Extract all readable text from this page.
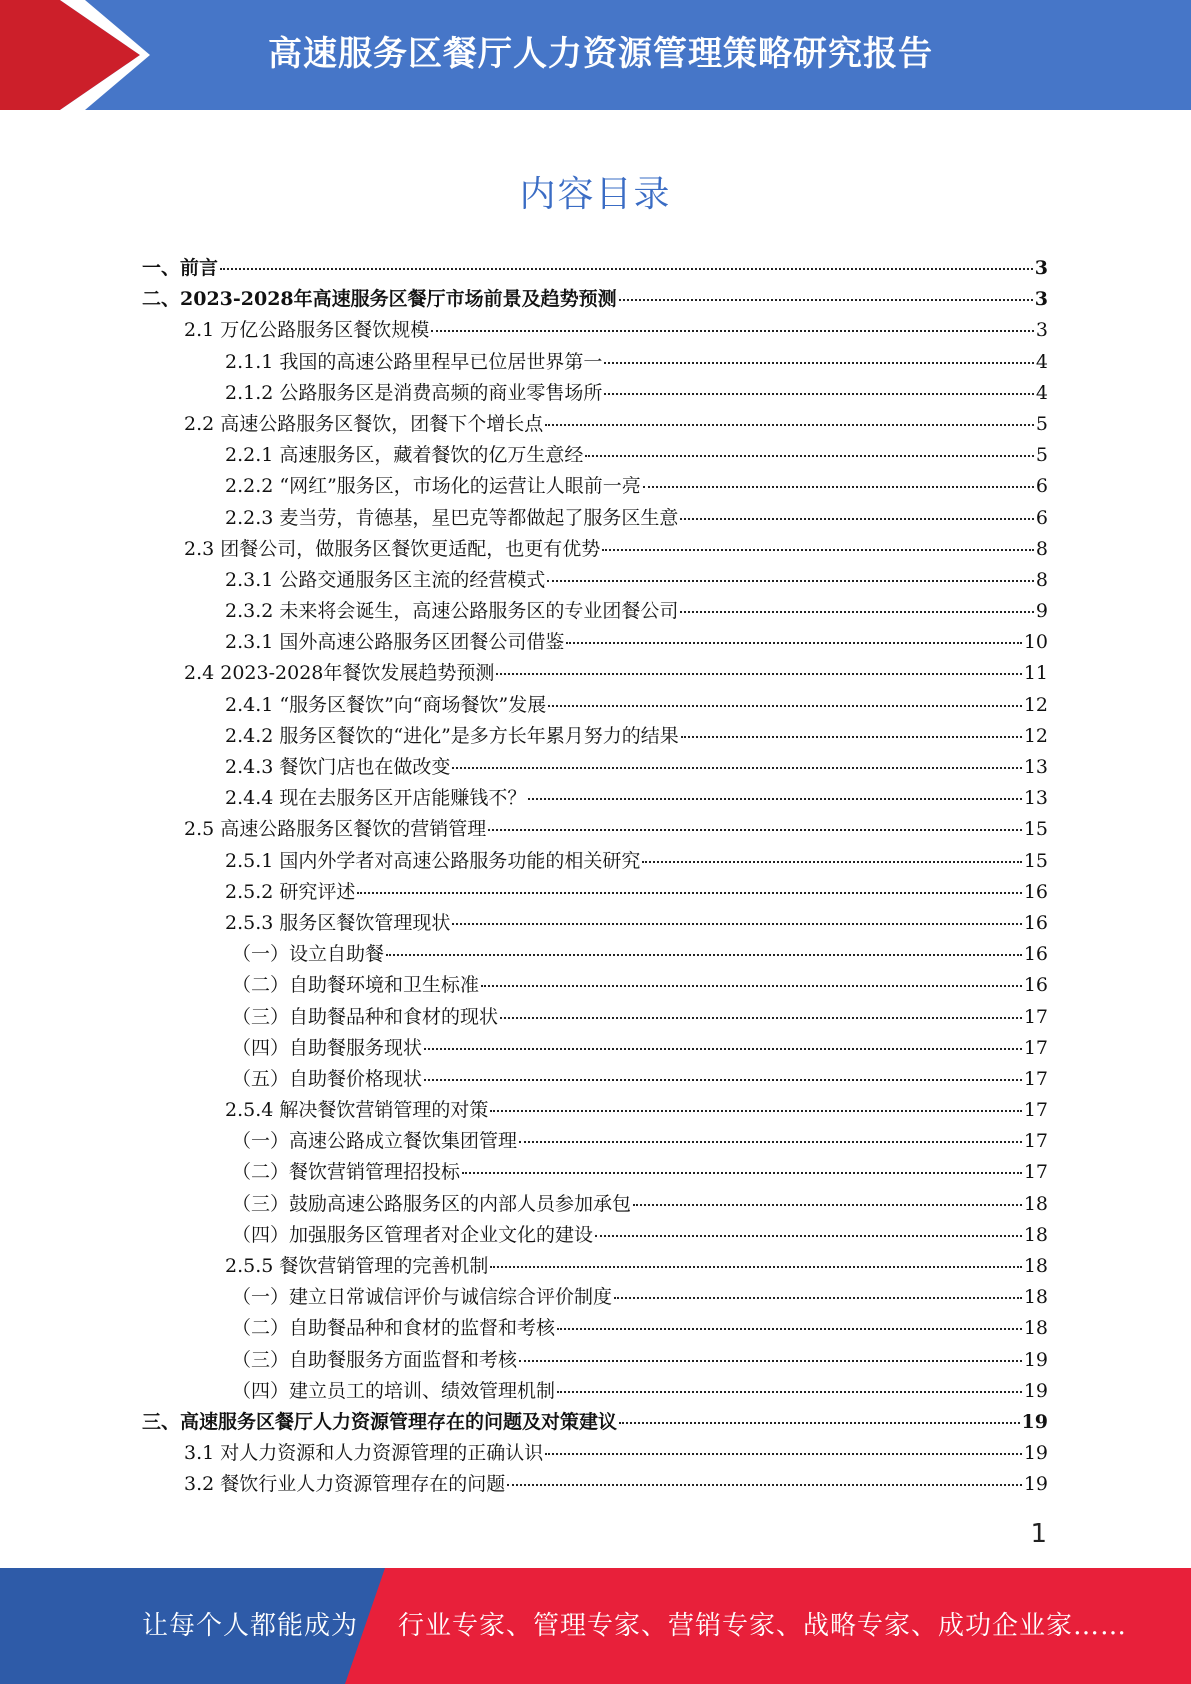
高速服务区餐厅人力资源管理策略研究报告
内容目录
一、前言	3
二、2023-2028年高速服务区餐厅市场前景及趋势预测	3
2.1 万亿公路服务区餐饮规模	3
2.1.1 我国的高速公路里程早已位居世界第一	4
2.1.2 公路服务区是消费高频的商业零售场所	4
2.2 高速公路服务区餐饮，团餐下个增长点	5
2.2.1 高速服务区，藏着餐饮的亿万生意经	5
2.2.2 “网红”服务区，市场化的运营让人眼前一亮	6
2.2.3 麦当劳，肯德基，星巴克等都做起了服务区生意	6
2.3 团餐公司，做服务区餐饮更适配，也更有优势	8
2.3.1 公路交通服务区主流的经营模式	8
2.3.2 未来将会诞生，高速公路服务区的专业团餐公司	9
2.3.1 国外高速公路服务区团餐公司借鉴	10
2.4 2023-2028年餐饮发展趋势预测	11
2.4.1 “服务区餐饮”向“商场餐饮”发展	12
2.4.2 服务区餐饮的“进化”是多方长年累月努力的结果	12
2.4.3 餐饮门店也在做改变	13
2.4.4 现在去服务区开店能赚钱不？	13
2.5 高速公路服务区餐饮的营销管理	15
2.5.1 国内外学者对高速公路服务功能的相关研究	15
2.5.2 研究评述	16
2.5.3 服务区餐饮管理现状	16
（一）设立自助餐	16
（二）自助餐环境和卫生标准	16
（三）自助餐品种和食材的现状	17
（四）自助餐服务现状	17
（五）自助餐价格现状	17
2.5.4 解决餐饮营销管理的对策	17
（一）高速公路成立餐饮集团管理	17
（二）餐饮营销管理招投标	17
（三）鼓励高速公路服务区的内部人员参加承包	18
（四）加强服务区管理者对企业文化的建设	18
2.5.5 餐饮营销管理的完善机制	18
（一）建立日常诚信评价与诚信综合评价制度	18
（二）自助餐品种和食材的监督和考核	18
（三）自助餐服务方面监督和考核	19
（四）建立员工的培训、绩效管理机制	19
三、高速服务区餐厅人力资源管理存在的问题及对策建议	19
3.1 对人力资源和人力资源管理的正确认识	19
3.2 餐饮行业人力资源管理存在的问题	19
1
让每个人都能成为 行业专家、管理专家、营销专家、战略专家、成功企业家……
